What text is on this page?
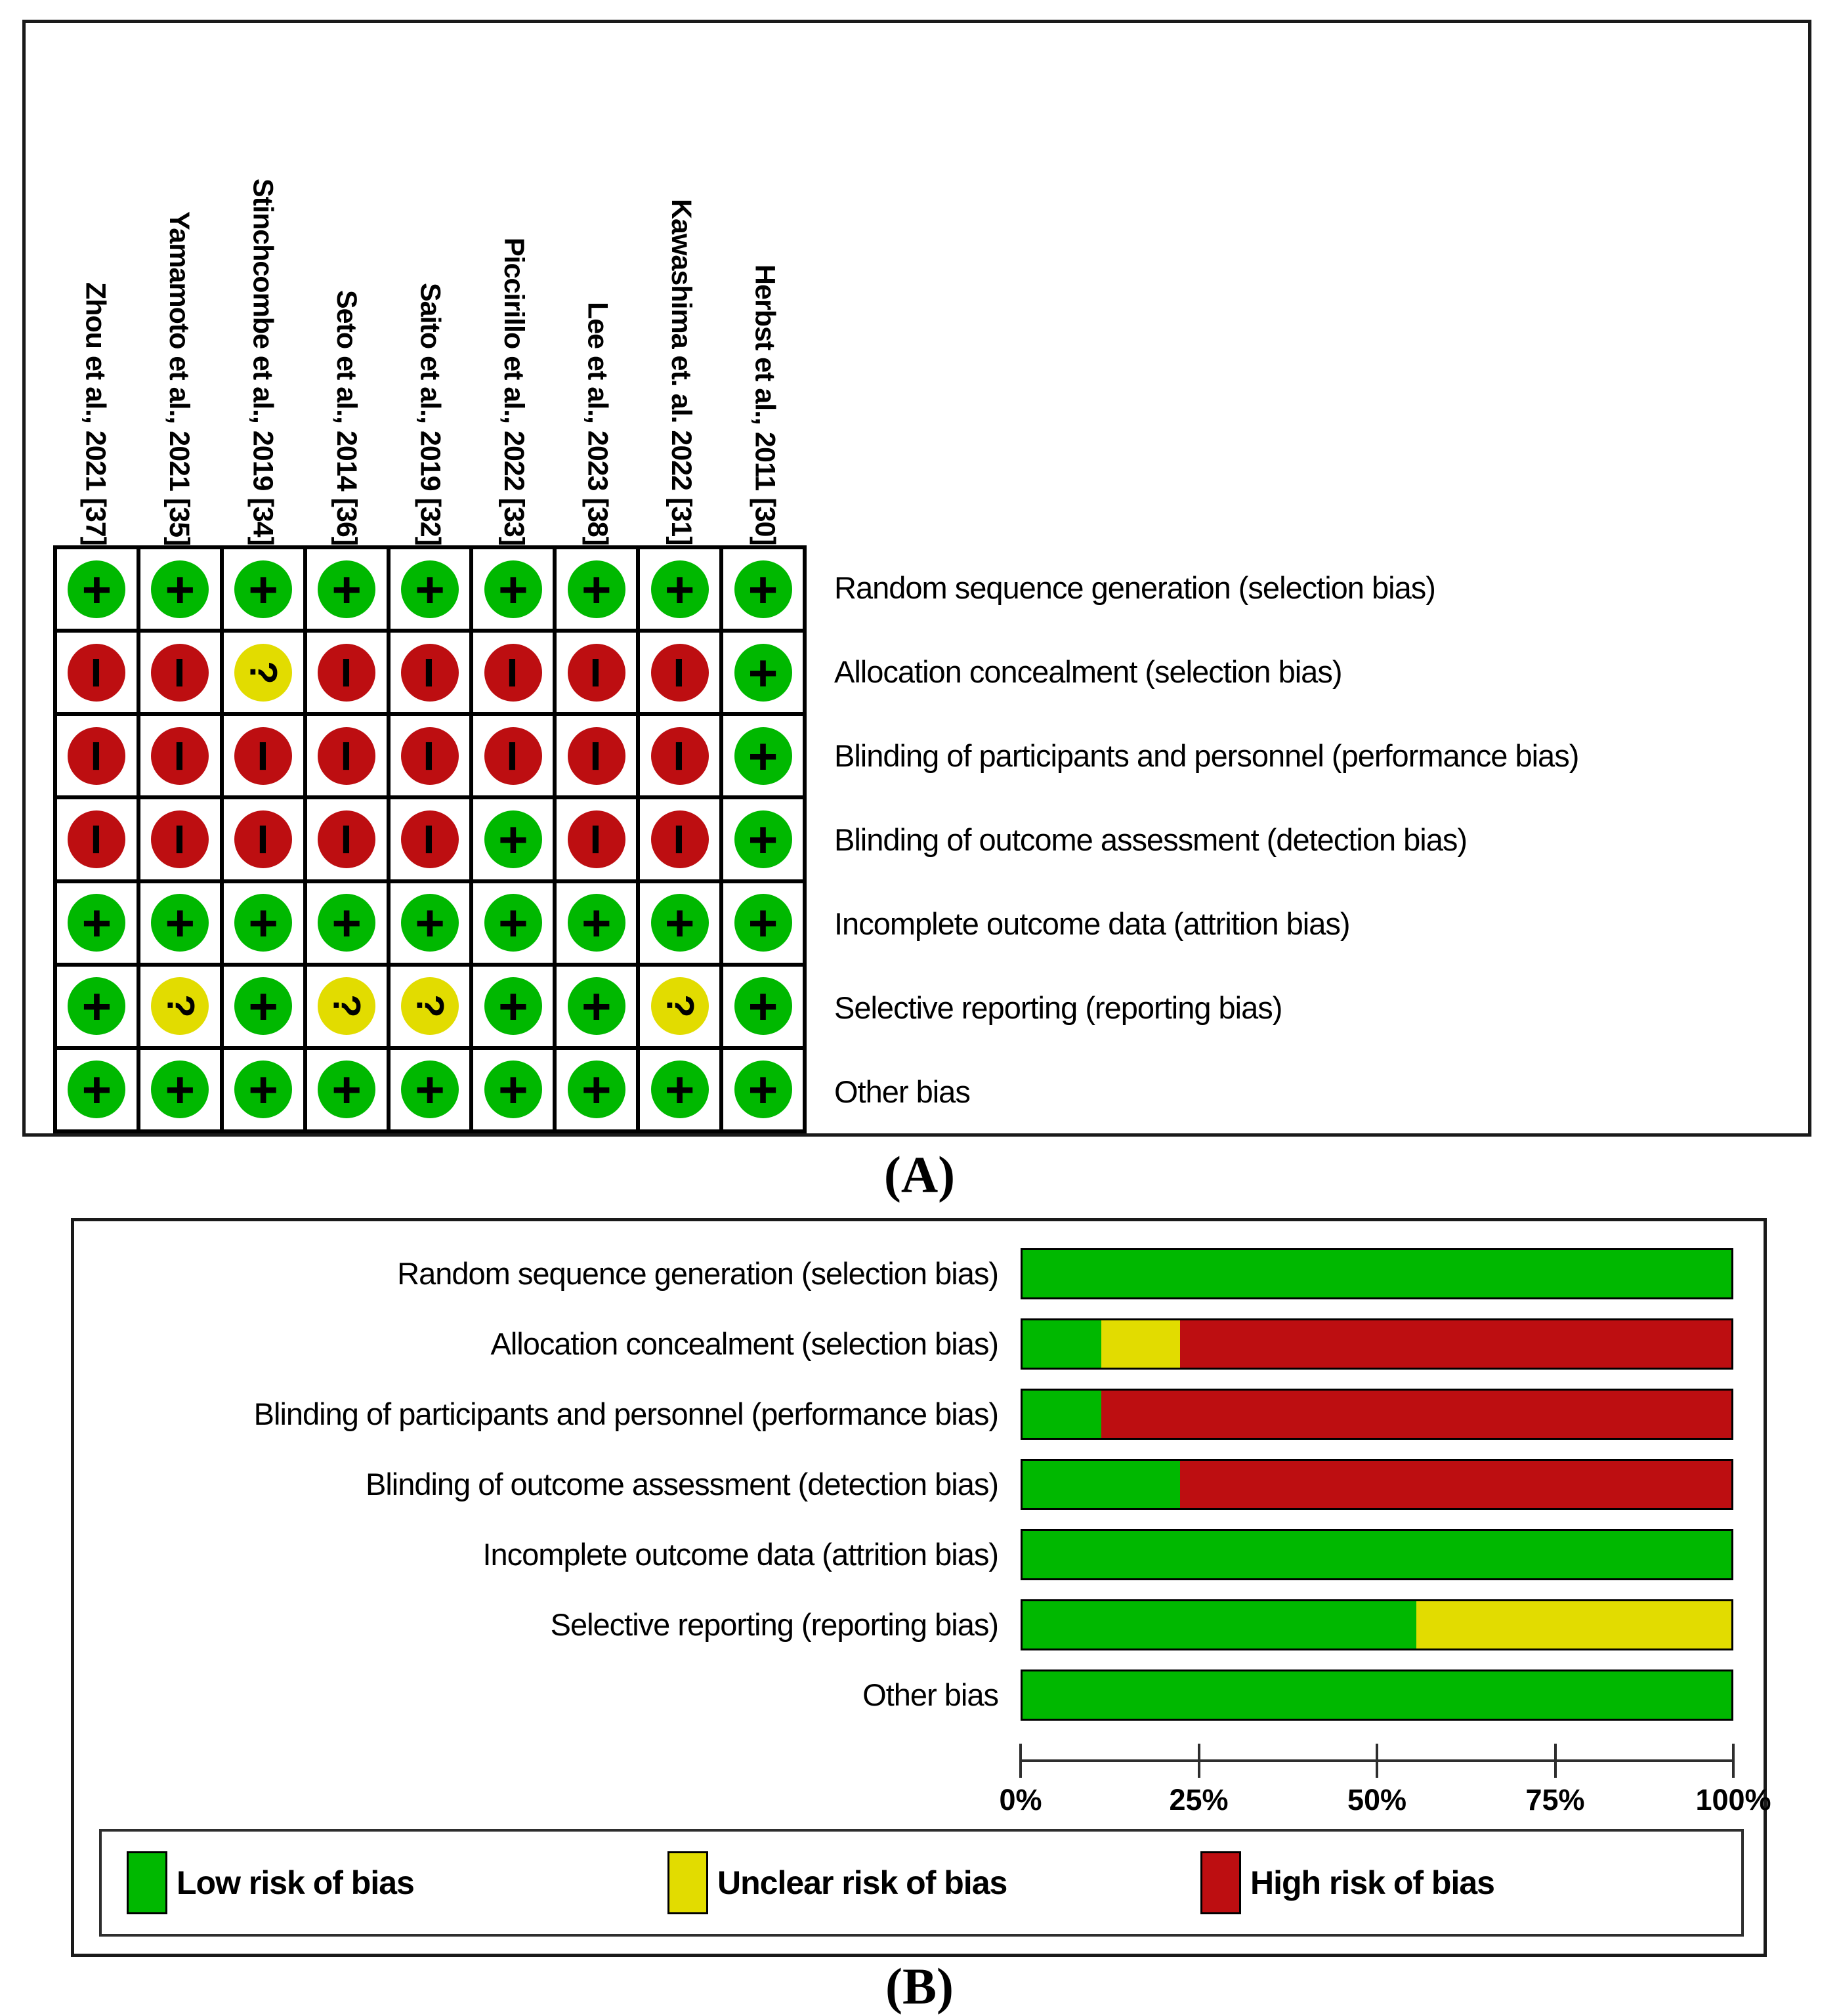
Zhou et al., 2021 [37] Yamamoto et al., 2021 [35] Stinchcombe et al., 2019 [34] Seto et al., 2014 [36] Saito et al., 2019 [32] Piccirillo et al., 2022 [33] Lee et al., 2023 [38] Kawashima et. al. 2022 [31] Herbst et al., 2011 [30]
+ + + + + + + + +
− − ? − − − − − +
− − − − − − − − +
− − − − − + − − +
+ + + + + + + + +
+ ? + ? ? + + ? +
+ + + + + + + + +
Random sequence generation (selection bias)
Allocation concealment (selection bias)
Blinding of participants and personnel (performance bias)
Blinding of outcome assessment (detection bias)
Incomplete outcome data (attrition bias)
Selective reporting (reporting bias)
Other bias
(A)
Random sequence generation (selection bias)
Allocation concealment (selection bias)
Blinding of participants and personnel (performance bias)
Blinding of outcome assessment (detection bias)
Incomplete outcome data (attrition bias)
Selective reporting (reporting bias)
Other bias
0%	25%	50%	75%	100%
Low risk of bias	Unclear risk of bias	High risk of bias
(B)
